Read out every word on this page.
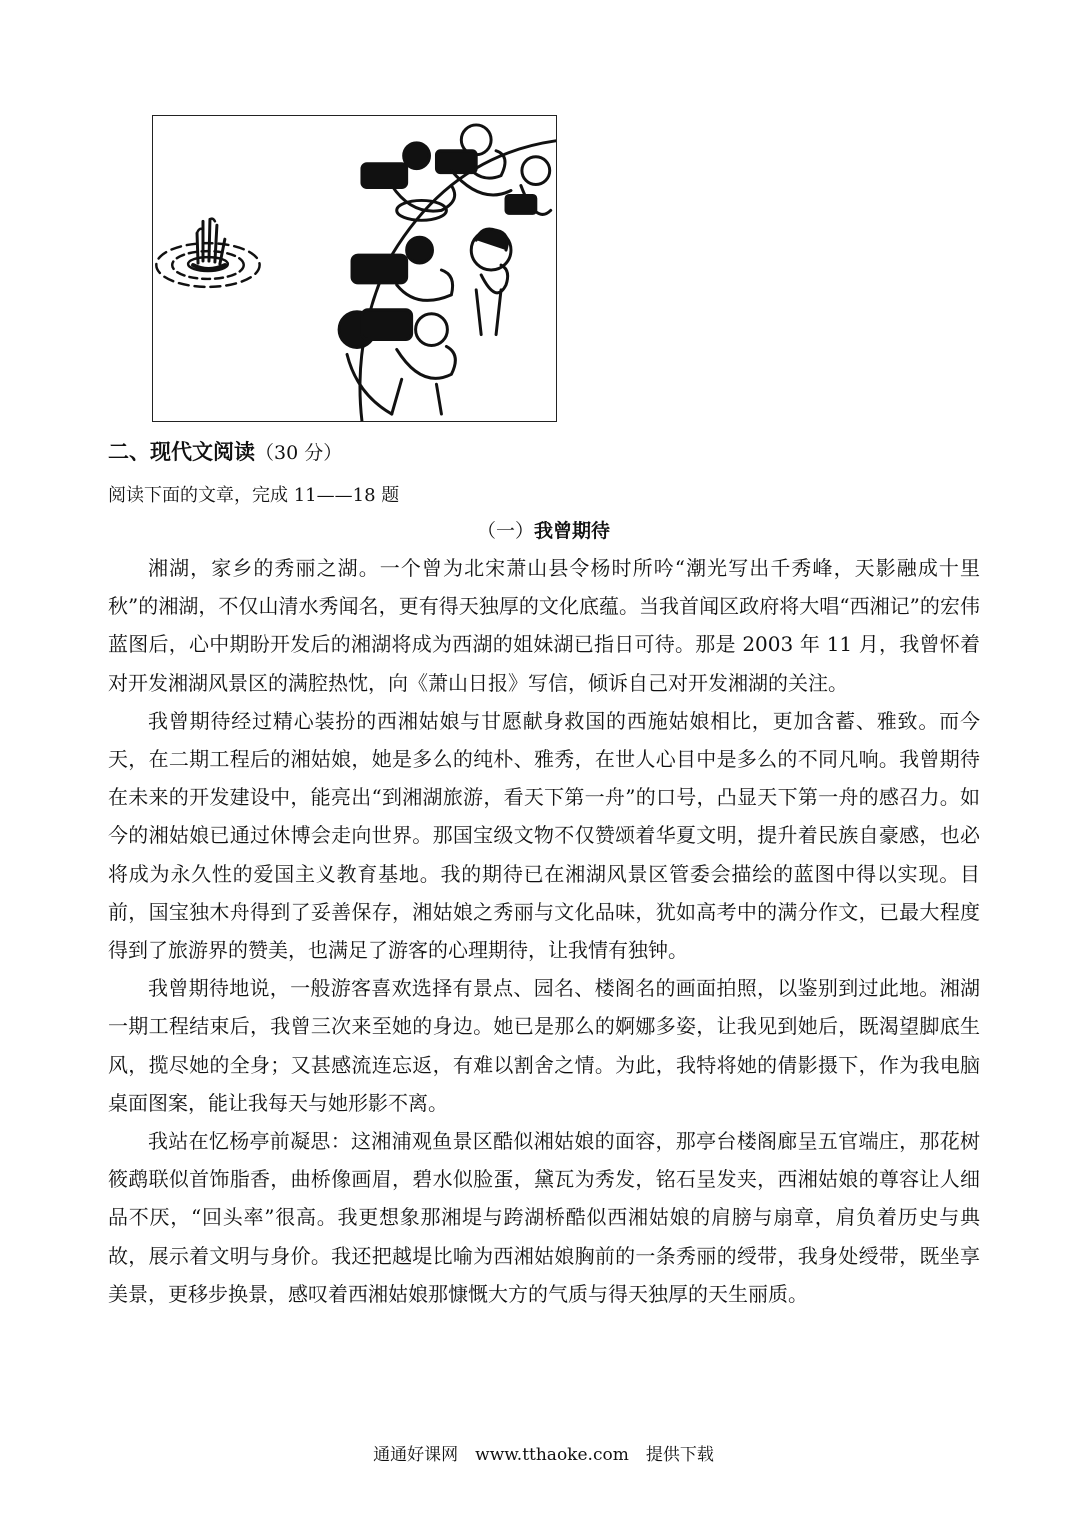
二、现代文阅读（30 分）
阅读下面的文章，完成 11——18 题
（一）我曾期待

湘湖，家乡的秀丽之湖。一个曾为北宋萧山县令杨时所吟“潮光写出千秀峰，天影融成十里秋”的湘湖，不仅山清水秀闻名，更有得天独厚的文化底蕴。当我首闻区政府将大唱“西湘记”的宏伟蓝图后，心中期盼开发后的湘湖将成为西湖的姐妹湖已指日可待。那是 2003 年 11 月，我曾怀着对开发湘湖风景区的满腔热忱，向《萧山日报》写信，倾诉自己对开发湘湖的关注。

我曾期待经过精心装扮的西湘姑娘与甘愿献身救国的西施姑娘相比，更加含蓄、雅致。而今天，在二期工程后的湘姑娘，她是多么的纯朴、雅秀，在世人心目中是多么的不同凡响。我曾期待在未来的开发建设中，能亮出“到湘湖旅游，看天下第一舟”的口号，凸显天下第一舟的感召力。如今的湘姑娘已通过休博会走向世界。那国宝级文物不仅赞颂着华夏文明，提升着民族自豪感，也必将成为永久性的爱国主义教育基地。我的期待已在湘湖风景区管委会描绘的蓝图中得以实现。目前，国宝独木舟得到了妥善保存，湘姑娘之秀丽与文化品味，犹如高考中的满分作文，已最大程度得到了旅游界的赞美，也满足了游客的心理期待，让我情有独钟。

我曾期待地说，一般游客喜欢选择有景点、园名、楼阁名的画面拍照，以鉴别到过此地。湘湖一期工程结束后，我曾三次来至她的身边。她已是那么的婀娜多姿，让我见到她后，既渴望脚底生风，揽尽她的全身；又甚感流连忘返，有难以割舍之情。为此，我特将她的倩影摄下，作为我电脑桌面图案，能让我每天与她形影不离。

我站在忆杨亭前凝思：这湘浦观鱼景区酷似湘姑娘的面容，那亭台楼阁廊呈五官端庄，那花树筱鹉联似首饰脂香，曲桥像画眉，碧水似脸蛋，黛瓦为秀发，铭石呈发夹，西湘姑娘的尊容让人细品不厌，“回头率”很高。我更想象那湘堤与跨湖桥酷似西湘姑娘的肩膀与扇章，肩负着历史与典故，展示着文明与身价。我还把越堤比喻为西湘姑娘胸前的一条秀丽的绶带，我身处绶带，既坐享美景，更移步换景，感叹着西湘姑娘那慷慨大方的气质与得天独厚的天生丽质。

通通好课网　www.tthaoke.com　提供下载
